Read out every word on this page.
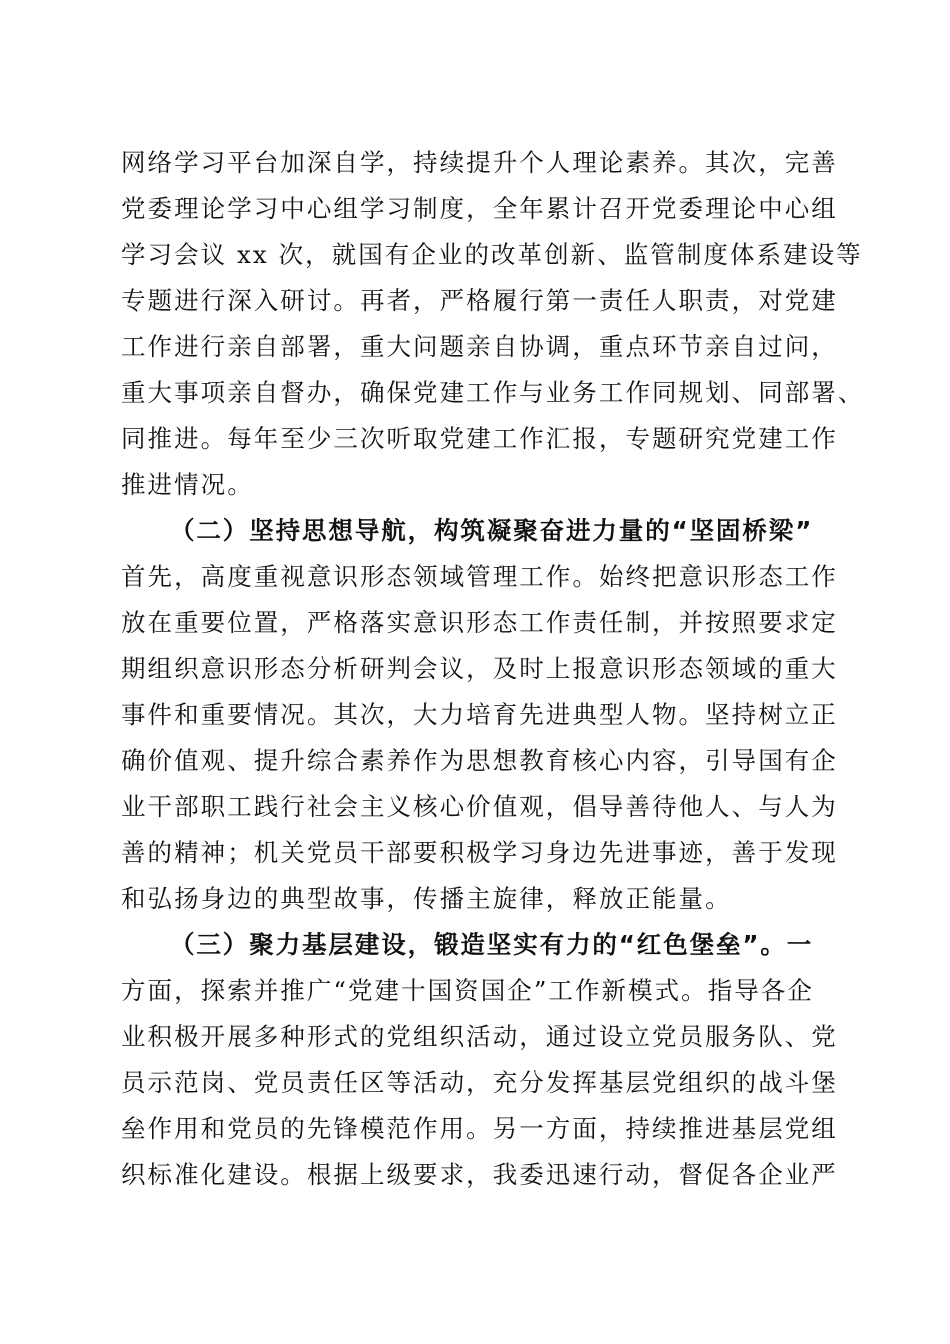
网络学习平台加深自学，持续提升个人理论素养。其次，完善
党委理论学习中心组学习制度，全年累计召开党委理论中心组
学习会议 xx 次，就国有企业的改革创新、监管制度体系建设等
专题进行深入研讨。再者，严格履行第一责任人职责，对党建
工作进行亲自部署，重大问题亲自协调，重点环节亲自过问，
重大事项亲自督办，确保党建工作与业务工作同规划、同部署、
同推进。每年至少三次听取党建工作汇报，专题研究党建工作
推进情况。
（二）坚持思想导航，构筑凝聚奋进力量的“坚固桥梁”
首先，高度重视意识形态领域管理工作。始终把意识形态工作
放在重要位置，严格落实意识形态工作责任制，并按照要求定
期组织意识形态分析研判会议，及时上报意识形态领域的重大
事件和重要情况。其次，大力培育先进典型人物。坚持树立正
确价值观、提升综合素养作为思想教育核心内容，引导国有企
业干部职工践行社会主义核心价值观，倡导善待他人、与人为
善的精神；机关党员干部要积极学习身边先进事迹，善于发现
和弘扬身边的典型故事，传播主旋律，释放正能量。
（三）聚力基层建设，锻造坚实有力的“红色堡垒”。一
方面，探索并推广“党建十国资国企”工作新模式。指导各企
业积极开展多种形式的党组织活动，通过设立党员服务队、党
员示范岗、党员责任区等活动，充分发挥基层党组织的战斗堡
垒作用和党员的先锋模范作用。另一方面，持续推进基层党组
织标准化建设。根据上级要求，我委迅速行动，督促各企业严
